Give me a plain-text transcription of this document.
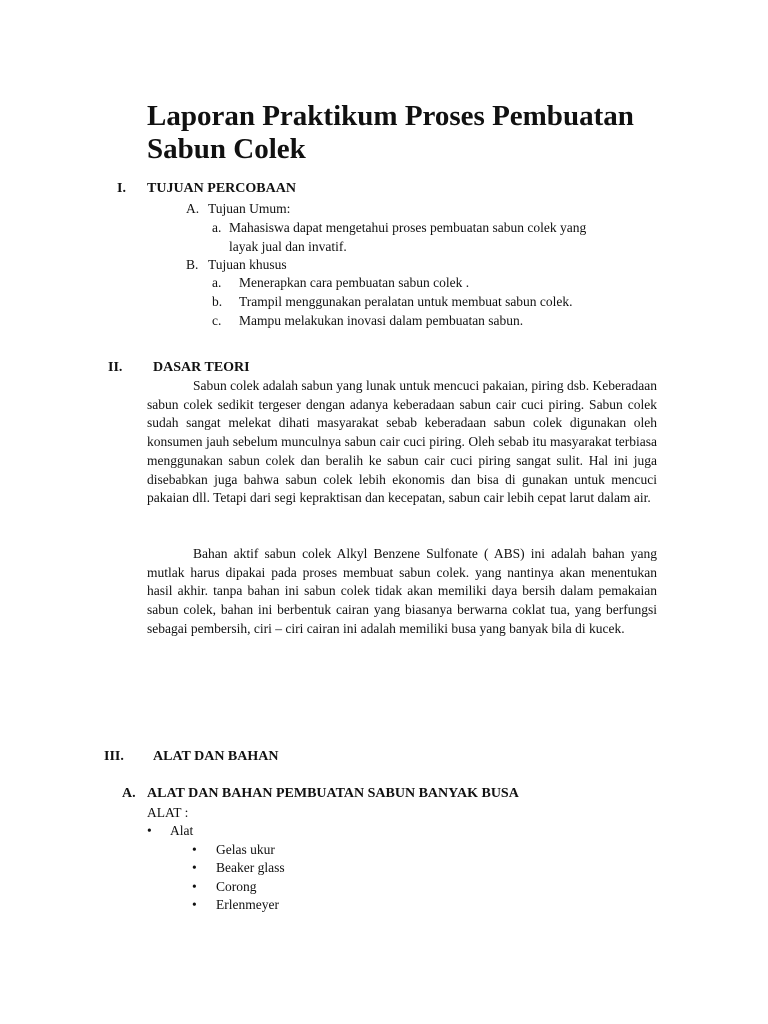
Laporan Praktikum Proses Pembuatan Sabun Colek
I. TUJUAN PERCOBAAN
A. Tujuan Umum:
a. Mahasiswa dapat mengetahui proses pembuatan sabun colek yang
layak jual dan invatif.
B. Tujuan khusus
a. Menerapkan cara pembuatan sabun colek .
b. Trampil menggunakan peralatan untuk membuat sabun colek.
c. Mampu melakukan inovasi dalam pembuatan sabun.
II. DASAR TEORI
Sabun colek adalah sabun yang lunak untuk mencuci pakaian, piring dsb. Keberadaan sabun colek sedikit tergeser dengan adanya keberadaan sabun cair cuci piring. Sabun colek sudah sangat melekat dihati masyarakat sebab keberadaan sabun colek digunakan oleh konsumen jauh sebelum munculnya sabun cair cuci piring. Oleh sebab itu masyarakat terbiasa menggunakan sabun colek dan beralih ke sabun cair cuci piring sangat sulit. Hal ini juga disebabkan juga bahwa sabun colek lebih ekonomis dan bisa di gunakan untuk mencuci pakaian dll. Tetapi dari segi kepraktisan dan kecepatan, sabun cair lebih cepat larut dalam air.
Bahan aktif sabun colek Alkyl Benzene Sulfonate ( ABS) ini adalah bahan yang mutlak harus dipakai pada proses membuat sabun colek. yang nantinya akan menentukan hasil akhir. tanpa bahan ini sabun colek tidak akan memiliki daya bersih dalam pemakaian sabun colek, bahan ini berbentuk cairan yang biasanya berwarna coklat tua, yang berfungsi sebagai pembersih, ciri – ciri cairan ini adalah memiliki busa yang banyak bila di kucek.
III. ALAT DAN BAHAN
A. ALAT DAN BAHAN PEMBUATAN SABUN BANYAK BUSA
ALAT :
• Alat
• Gelas ukur
• Beaker glass
• Corong
• Erlenmeyer
